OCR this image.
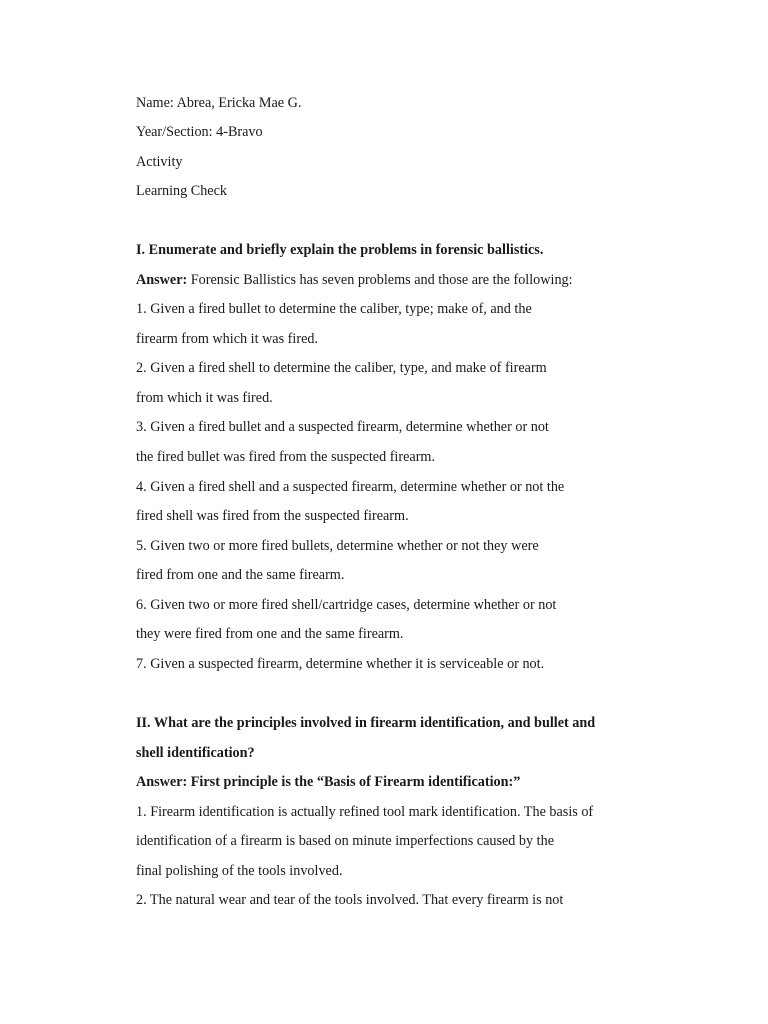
Name: Abrea, Ericka Mae G.

Year/Section: 4-Bravo

Activity

Learning Check

I. Enumerate and briefly explain the problems in forensic ballistics.

Answer: Forensic Ballistics has seven problems and those are the following:

1. Given a fired bullet to determine the caliber, type; make of, and the

firearm from which it was fired.

2. Given a fired shell to determine the caliber, type, and make of firearm

from which it was fired.

3. Given a fired bullet and a suspected firearm, determine whether or not

the fired bullet was fired from the suspected firearm.

4. Given a fired shell and a suspected firearm, determine whether or not the

fired shell was fired from the suspected firearm.

5. Given two or more fired bullets, determine whether or not they were

fired from one and the same firearm.

6. Given two or more fired shell/cartridge cases, determine whether or not

they were fired from one and the same firearm.

7. Given a suspected firearm, determine whether it is serviceable or not.

II. What are the principles involved in firearm identification, and bullet and

shell identification?

Answer: First principle is the “Basis of Firearm identification:”

1. Firearm identification is actually refined tool mark identification. The basis of

identification of a firearm is based on minute imperfections caused by the

final polishing of the tools involved.

2. The natural wear and tear of the tools involved. That every firearm is not
